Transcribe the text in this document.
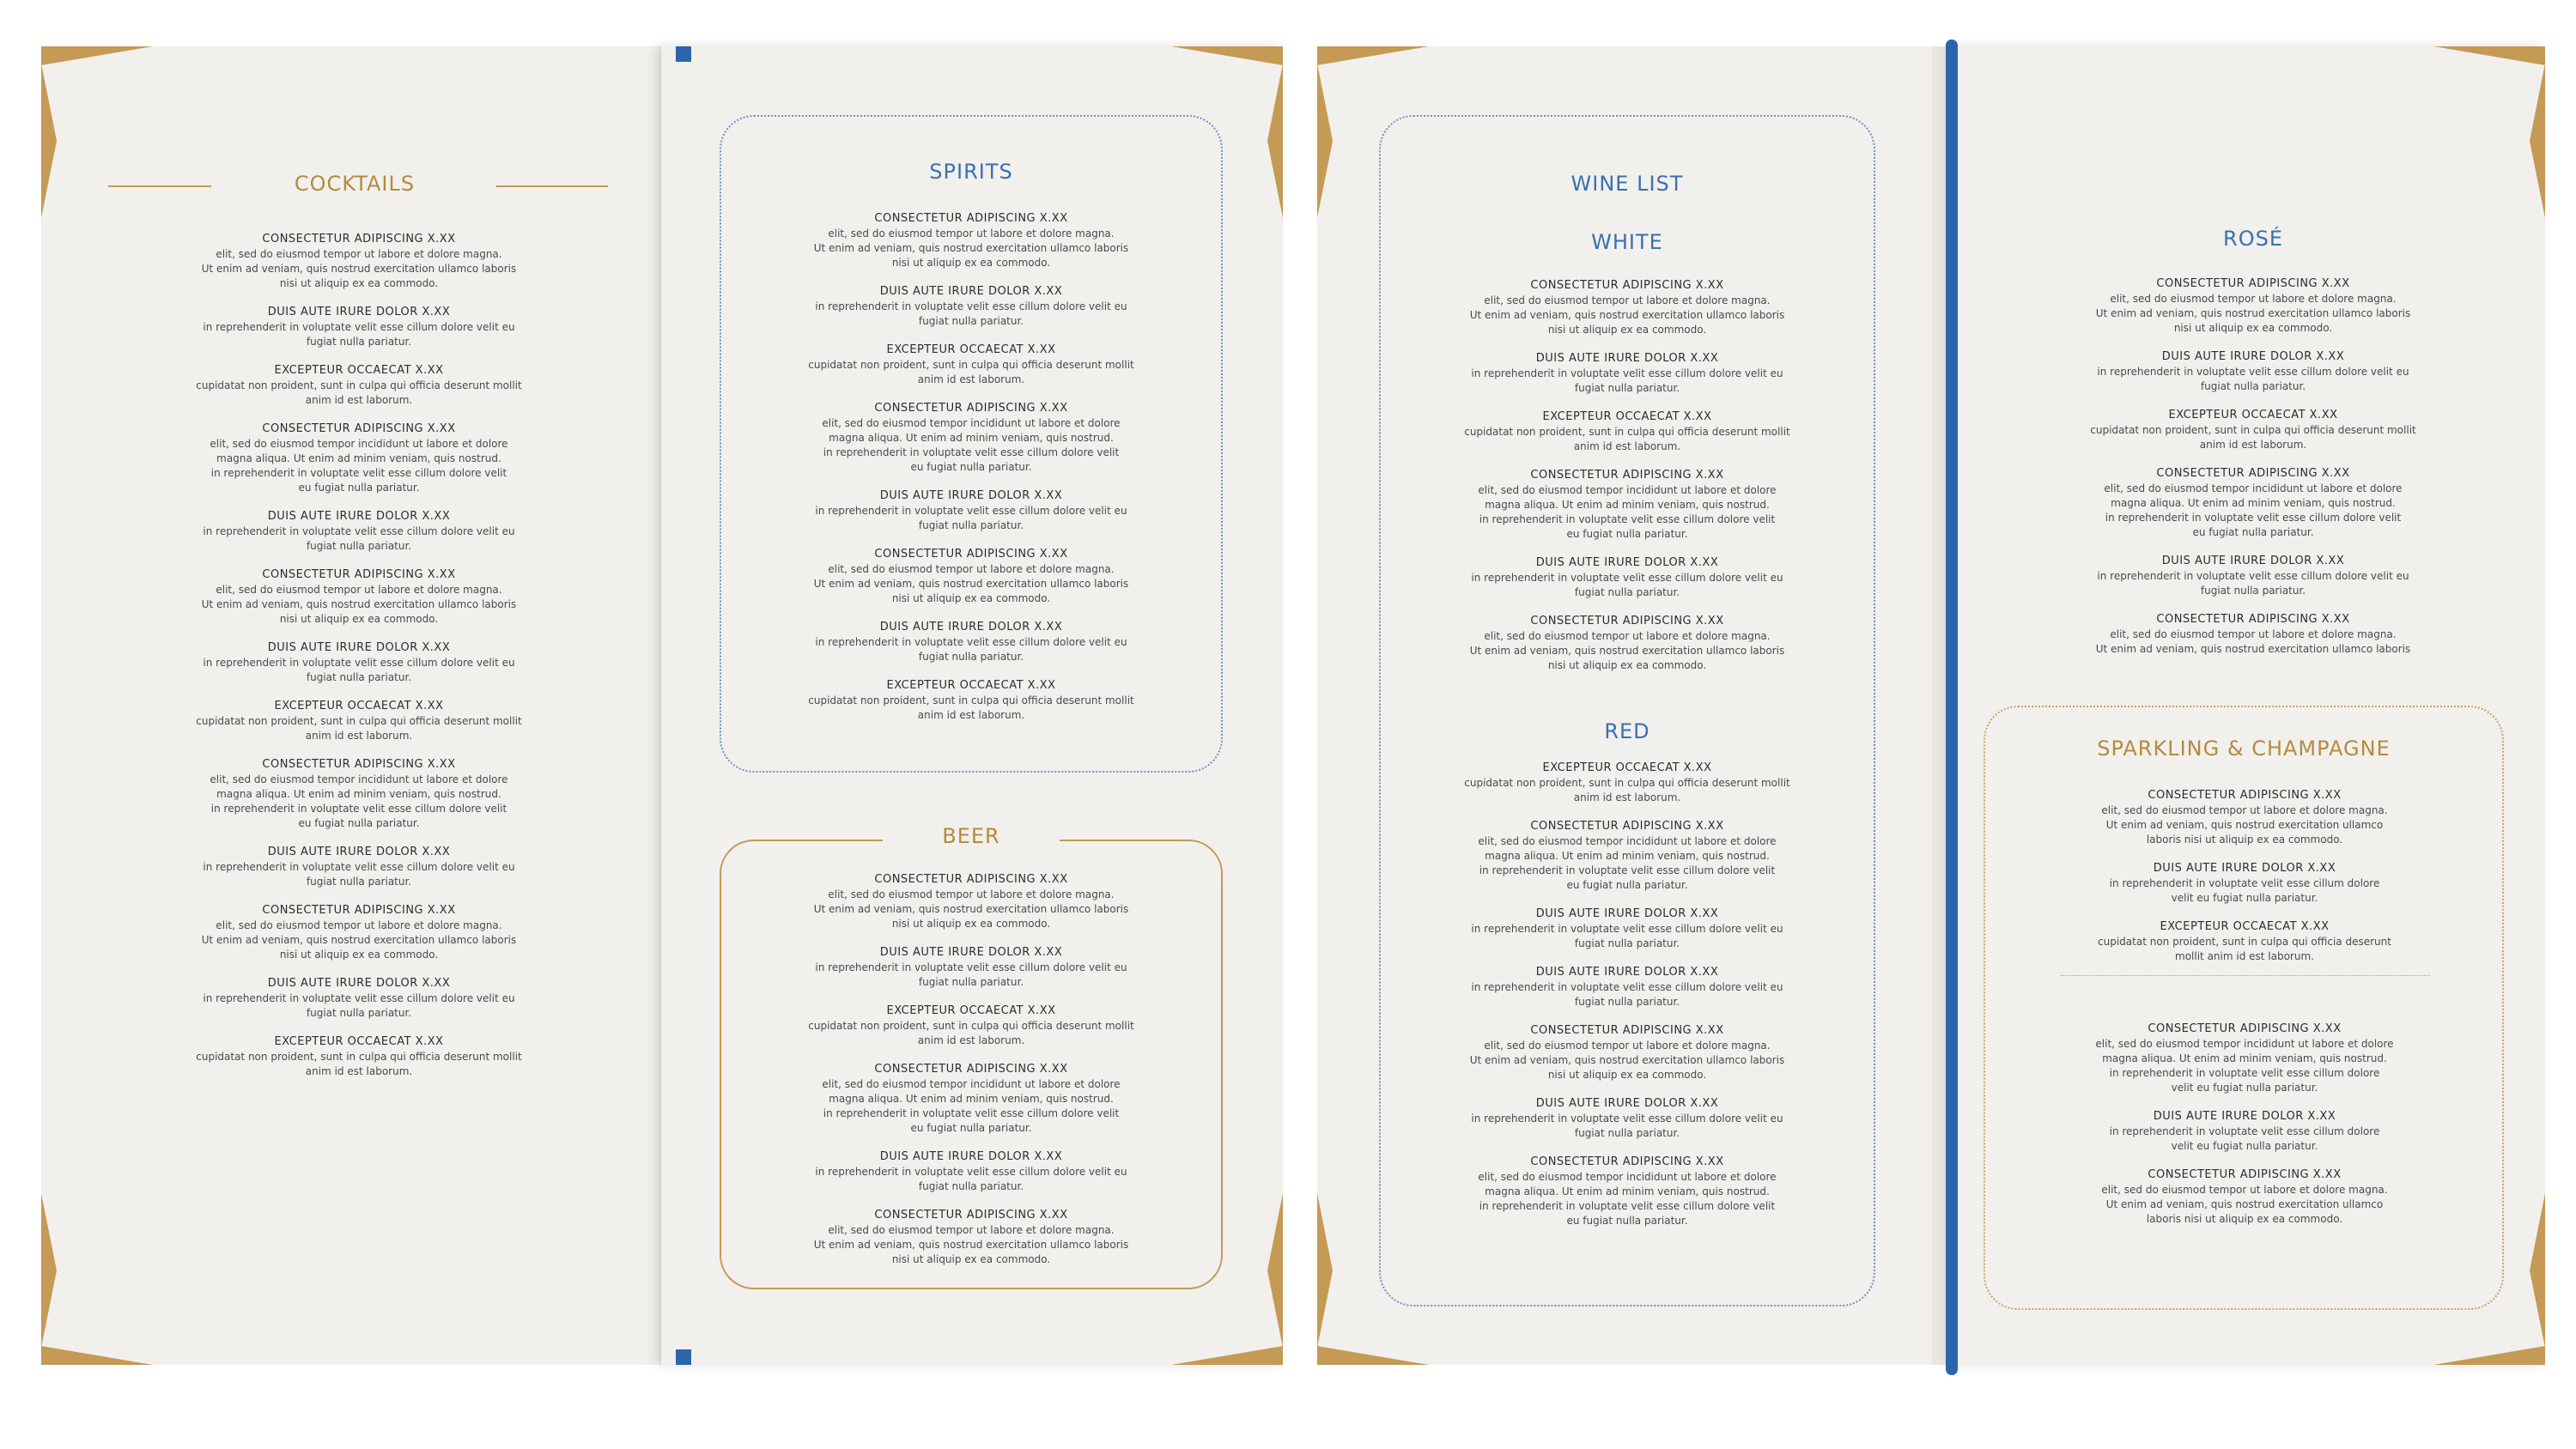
COCKTAILS
CONSECTETUR ADIPISCING X.XX
elit, sed do eiusmod tempor ut labore et dolore magna.
Ut enim ad veniam, quis nostrud exercitation ullamco laboris
nisi ut aliquip ex ea commodo.
DUIS AUTE IRURE DOLOR X.XX
in reprehenderit in voluptate velit esse cillum dolore velit eu
fugiat nulla pariatur.
EXCEPTEUR OCCAECAT X.XX
cupidatat non proident, sunt in culpa qui officia deserunt mollit
anim id est laborum.
CONSECTETUR ADIPISCING X.XX
elit, sed do eiusmod tempor incididunt ut labore et dolore
magna aliqua. Ut enim ad minim veniam, quis nostrud.
in reprehenderit in voluptate velit esse cillum dolore velit
eu fugiat nulla pariatur.
DUIS AUTE IRURE DOLOR X.XX
in reprehenderit in voluptate velit esse cillum dolore velit eu
fugiat nulla pariatur.
CONSECTETUR ADIPISCING X.XX
elit, sed do eiusmod tempor ut labore et dolore magna.
Ut enim ad veniam, quis nostrud exercitation ullamco laboris
nisi ut aliquip ex ea commodo.
DUIS AUTE IRURE DOLOR X.XX
in reprehenderit in voluptate velit esse cillum dolore velit eu
fugiat nulla pariatur.
EXCEPTEUR OCCAECAT X.XX
cupidatat non proident, sunt in culpa qui officia deserunt mollit
anim id est laborum.
CONSECTETUR ADIPISCING X.XX
elit, sed do eiusmod tempor incididunt ut labore et dolore
magna aliqua. Ut enim ad minim veniam, quis nostrud.
in reprehenderit in voluptate velit esse cillum dolore velit
eu fugiat nulla pariatur.
DUIS AUTE IRURE DOLOR X.XX
in reprehenderit in voluptate velit esse cillum dolore velit eu
fugiat nulla pariatur.
CONSECTETUR ADIPISCING X.XX
elit, sed do eiusmod tempor ut labore et dolore magna.
Ut enim ad veniam, quis nostrud exercitation ullamco laboris
nisi ut aliquip ex ea commodo.
DUIS AUTE IRURE DOLOR X.XX
in reprehenderit in voluptate velit esse cillum dolore velit eu
fugiat nulla pariatur.
EXCEPTEUR OCCAECAT X.XX
cupidatat non proident, sunt in culpa qui officia deserunt mollit
anim id est laborum.
SPIRITS
CONSECTETUR ADIPISCING X.XX
elit, sed do eiusmod tempor ut labore et dolore magna.
Ut enim ad veniam, quis nostrud exercitation ullamco laboris
nisi ut aliquip ex ea commodo.
DUIS AUTE IRURE DOLOR X.XX
in reprehenderit in voluptate velit esse cillum dolore velit eu
fugiat nulla pariatur.
EXCEPTEUR OCCAECAT X.XX
cupidatat non proident, sunt in culpa qui officia deserunt mollit
anim id est laborum.
CONSECTETUR ADIPISCING X.XX
elit, sed do eiusmod tempor incididunt ut labore et dolore
magna aliqua. Ut enim ad minim veniam, quis nostrud.
in reprehenderit in voluptate velit esse cillum dolore velit
eu fugiat nulla pariatur.
DUIS AUTE IRURE DOLOR X.XX
in reprehenderit in voluptate velit esse cillum dolore velit eu
fugiat nulla pariatur.
CONSECTETUR ADIPISCING X.XX
elit, sed do eiusmod tempor ut labore et dolore magna.
Ut enim ad veniam, quis nostrud exercitation ullamco laboris
nisi ut aliquip ex ea commodo.
DUIS AUTE IRURE DOLOR X.XX
in reprehenderit in voluptate velit esse cillum dolore velit eu
fugiat nulla pariatur.
EXCEPTEUR OCCAECAT X.XX
cupidatat non proident, sunt in culpa qui officia deserunt mollit
anim id est laborum.
BEER
CONSECTETUR ADIPISCING X.XX
elit, sed do eiusmod tempor ut labore et dolore magna.
Ut enim ad veniam, quis nostrud exercitation ullamco laboris
nisi ut aliquip ex ea commodo.
DUIS AUTE IRURE DOLOR X.XX
in reprehenderit in voluptate velit esse cillum dolore velit eu
fugiat nulla pariatur.
EXCEPTEUR OCCAECAT X.XX
cupidatat non proident, sunt in culpa qui officia deserunt mollit
anim id est laborum.
CONSECTETUR ADIPISCING X.XX
elit, sed do eiusmod tempor incididunt ut labore et dolore
magna aliqua. Ut enim ad minim veniam, quis nostrud.
in reprehenderit in voluptate velit esse cillum dolore velit
eu fugiat nulla pariatur.
DUIS AUTE IRURE DOLOR X.XX
in reprehenderit in voluptate velit esse cillum dolore velit eu
fugiat nulla pariatur.
CONSECTETUR ADIPISCING X.XX
elit, sed do eiusmod tempor ut labore et dolore magna.
Ut enim ad veniam, quis nostrud exercitation ullamco laboris
nisi ut aliquip ex ea commodo.
WINE LIST
WHITE
CONSECTETUR ADIPISCING X.XX
elit, sed do eiusmod tempor ut labore et dolore magna.
Ut enim ad veniam, quis nostrud exercitation ullamco laboris
nisi ut aliquip ex ea commodo.
DUIS AUTE IRURE DOLOR X.XX
in reprehenderit in voluptate velit esse cillum dolore velit eu
fugiat nulla pariatur.
EXCEPTEUR OCCAECAT X.XX
cupidatat non proident, sunt in culpa qui officia deserunt mollit
anim id est laborum.
CONSECTETUR ADIPISCING X.XX
elit, sed do eiusmod tempor incididunt ut labore et dolore
magna aliqua. Ut enim ad minim veniam, quis nostrud.
in reprehenderit in voluptate velit esse cillum dolore velit
eu fugiat nulla pariatur.
DUIS AUTE IRURE DOLOR X.XX
in reprehenderit in voluptate velit esse cillum dolore velit eu
fugiat nulla pariatur.
CONSECTETUR ADIPISCING X.XX
elit, sed do eiusmod tempor ut labore et dolore magna.
Ut enim ad veniam, quis nostrud exercitation ullamco laboris
nisi ut aliquip ex ea commodo.
RED
EXCEPTEUR OCCAECAT X.XX
cupidatat non proident, sunt in culpa qui officia deserunt mollit
anim id est laborum.
CONSECTETUR ADIPISCING X.XX
elit, sed do eiusmod tempor incididunt ut labore et dolore
magna aliqua. Ut enim ad minim veniam, quis nostrud.
in reprehenderit in voluptate velit esse cillum dolore velit
eu fugiat nulla pariatur.
DUIS AUTE IRURE DOLOR X.XX
in reprehenderit in voluptate velit esse cillum dolore velit eu
fugiat nulla pariatur.
DUIS AUTE IRURE DOLOR X.XX
in reprehenderit in voluptate velit esse cillum dolore velit eu
fugiat nulla pariatur.
CONSECTETUR ADIPISCING X.XX
elit, sed do eiusmod tempor ut labore et dolore magna.
Ut enim ad veniam, quis nostrud exercitation ullamco laboris
nisi ut aliquip ex ea commodo.
DUIS AUTE IRURE DOLOR X.XX
in reprehenderit in voluptate velit esse cillum dolore velit eu
fugiat nulla pariatur.
CONSECTETUR ADIPISCING X.XX
elit, sed do eiusmod tempor incididunt ut labore et dolore
magna aliqua. Ut enim ad minim veniam, quis nostrud.
in reprehenderit in voluptate velit esse cillum dolore velit
eu fugiat nulla pariatur.
ROSÉ
CONSECTETUR ADIPISCING X.XX
elit, sed do eiusmod tempor ut labore et dolore magna.
Ut enim ad veniam, quis nostrud exercitation ullamco laboris
nisi ut aliquip ex ea commodo.
DUIS AUTE IRURE DOLOR X.XX
in reprehenderit in voluptate velit esse cillum dolore velit eu
fugiat nulla pariatur.
EXCEPTEUR OCCAECAT X.XX
cupidatat non proident, sunt in culpa qui officia deserunt mollit
anim id est laborum.
CONSECTETUR ADIPISCING X.XX
elit, sed do eiusmod tempor incididunt ut labore et dolore
magna aliqua. Ut enim ad minim veniam, quis nostrud.
in reprehenderit in voluptate velit esse cillum dolore velit
eu fugiat nulla pariatur.
DUIS AUTE IRURE DOLOR X.XX
in reprehenderit in voluptate velit esse cillum dolore velit eu
fugiat nulla pariatur.
CONSECTETUR ADIPISCING X.XX
elit, sed do eiusmod tempor ut labore et dolore magna.
Ut enim ad veniam, quis nostrud exercitation ullamco laboris
SPARKLING & CHAMPAGNE
CONSECTETUR ADIPISCING X.XX
elit, sed do eiusmod tempor ut labore et dolore magna.
Ut enim ad veniam, quis nostrud exercitation ullamco
laboris nisi ut aliquip ex ea commodo.
DUIS AUTE IRURE DOLOR X.XX
in reprehenderit in voluptate velit esse cillum dolore
velit eu fugiat nulla pariatur.
EXCEPTEUR OCCAECAT X.XX
cupidatat non proident, sunt in culpa qui officia deserunt
mollit anim id est laborum.
CONSECTETUR ADIPISCING X.XX
elit, sed do eiusmod tempor incididunt ut labore et dolore
magna aliqua. Ut enim ad minim veniam, quis nostrud.
in reprehenderit in voluptate velit esse cillum dolore
velit eu fugiat nulla pariatur.
DUIS AUTE IRURE DOLOR X.XX
in reprehenderit in voluptate velit esse cillum dolore
velit eu fugiat nulla pariatur.
CONSECTETUR ADIPISCING X.XX
elit, sed do eiusmod tempor ut labore et dolore magna.
Ut enim ad veniam, quis nostrud exercitation ullamco
laboris nisi ut aliquip ex ea commodo.
